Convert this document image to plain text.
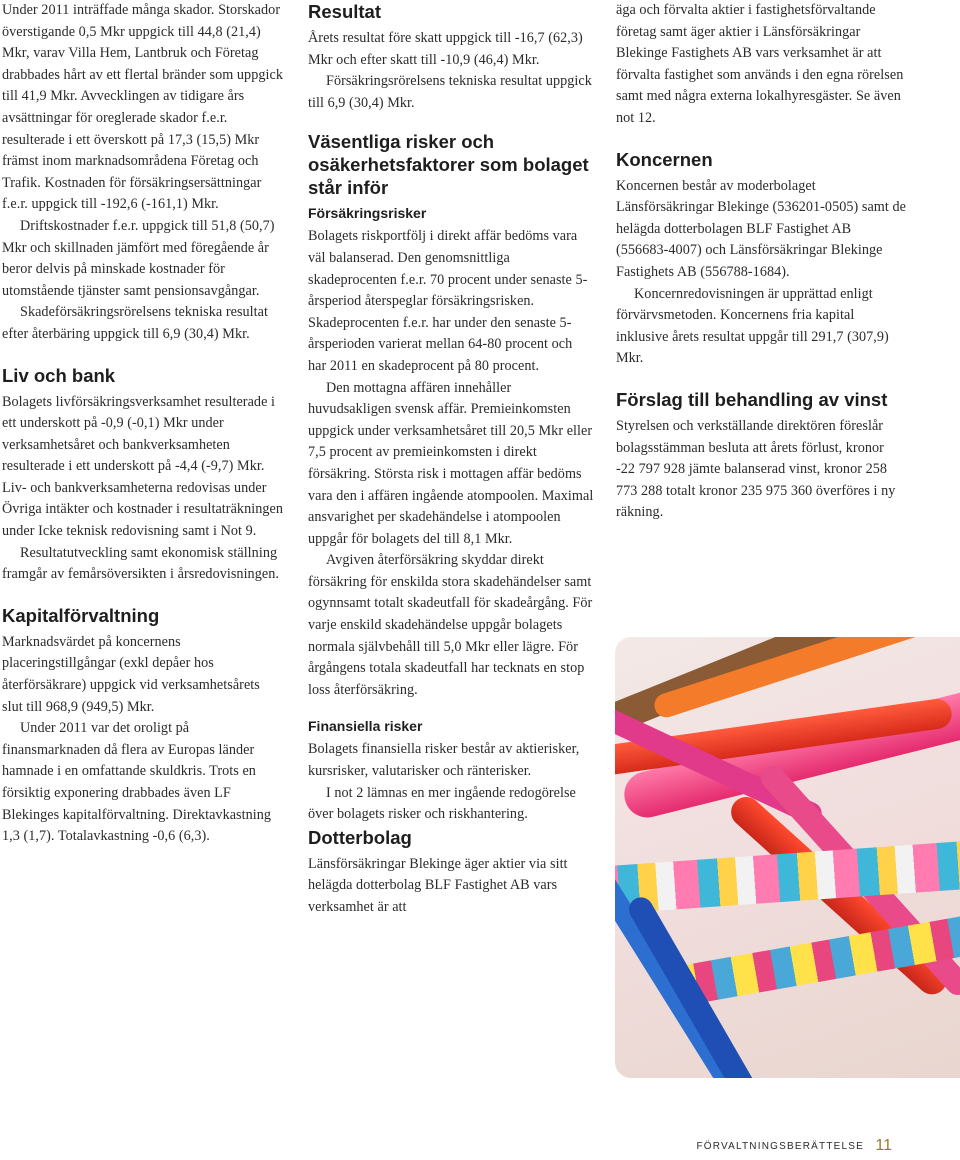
Under 2011 inträffade många skador. Storskador överstigande 0,5 Mkr uppgick till 44,8 (21,4) Mkr, varav Villa Hem, Lantbruk och Företag drabbades hårt av ett flertal bränder som uppgick till 41,9 Mkr. Avvecklingen av tidigare års avsättningar för oreglerade skador f.e.r. resulterade i ett överskott på 17,3 (15,5) Mkr främst inom marknadsområdena Företag och Trafik. Kostnaden för försäkringsersättningar f.e.r. uppgick till -192,6 (-161,1) Mkr.

Driftskostnader f.e.r. uppgick till 51,8 (50,7) Mkr och skillnaden jämfört med föregående år beror delvis på minskade kostnader för utomstående tjänster samt pensionsavgångar.

Skadeförsäkringsrörelsens tekniska resultat efter återbäring uppgick till 6,9 (30,4) Mkr.

Liv och bank

Bolagets livförsäkringsverksamhet resulterade i ett underskott på -0,9 (-0,1) Mkr under verksamhetsåret och bankverksamheten resulterade i ett underskott på -4,4 (-9,7) Mkr. Liv- och bankverksamheterna redovisas under Övriga intäkter och kostnader i resultaträkningen under Icke teknisk redovisning samt i Not 9.

Resultatutveckling samt ekonomisk ställning framgår av femårsöversikten i årsredovisningen.

Kapitalförvaltning

Marknadsvärdet på koncernens placeringstillgångar (exkl depåer hos återförsäkrare) uppgick vid verksamhetsårets slut till 968,9 (949,5) Mkr.

Under 2011 var det oroligt på finansmarknaden då flera av Europas länder hamnade i en omfattande skuldkris. Trots en försiktig exponering drabbades även LF Blekinges kapitalförvaltning. Direktavkastning 1,3 (1,7). Totalavkastning -0,6 (6,3).

Resultat

Årets resultat före skatt uppgick till -16,7 (62,3) Mkr och efter skatt till -10,9 (46,4) Mkr.

Försäkringsrörelsens tekniska resultat uppgick till 6,9 (30,4) Mkr.

Väsentliga risker och osäkerhetsfaktorer som bolaget står inför
Försäkringsrisker

Bolagets riskportfölj i direkt affär bedöms vara väl balanserad. Den genomsnittliga skadeprocenten f.e.r. 70 procent under senaste 5-årsperiod återspeglar försäkringsrisken. Skadeprocenten f.e.r. har under den senaste 5-årsperioden varierat mellan 64-80 procent och har 2011 en skadeprocent på 80 procent.

Den mottagna affären innehåller huvudsakligen svensk affär. Premieinkomsten uppgick under verksamhetsåret till 20,5 Mkr eller 7,5 procent av premieinkomsten i direkt försäkring. Största risk i mottagen affär bedöms vara den i affären ingående atompoolen. Maximal ansvarighet per skadehändelse i atompoolen uppgår för bolagets del till 8,1 Mkr.

Avgiven återförsäkring skyddar direkt försäkring för enskilda stora skadehändelser samt ogynnsamt totalt skadeutfall för skadeårgång. För varje enskild skadehändelse uppgår bolagets normala självbehåll till 5,0 Mkr eller lägre. För årgångens totala skadeutfall har tecknats en stop loss återförsäkring.

Finansiella risker

Bolagets finansiella risker består av aktierisker, kursrisker, valutarisker och ränterisker.

I not 2 lämnas en mer ingående redogörelse över bolagets risker och riskhantering.

Dotterbolag

Länsförsäkringar Blekinge äger aktier via sitt helägda dotterbolag BLF Fastighet AB vars verksamhet är att

äga och förvalta aktier i fastighetsförvaltande företag samt äger aktier i Länsförsäkringar Blekinge Fastighets AB vars verksamhet är att förvalta fastighet som används i den egna rörelsen samt med några externa lokalhyresgäster. Se även not 12.

Koncernen

Koncernen består av moderbolaget Länsförsäkringar Blekinge (536201-0505) samt de helägda dotterbolagen BLF Fastighet AB (556683-4007) och Länsförsäkringar Blekinge Fastighets AB (556788-1684).

Koncernredovisningen är upprättad enligt förvärvsmetoden. Koncernens fria kapital inklusive årets resultat uppgår till 291,7 (307,9) Mkr.

Förslag till behandling av vinst

Styrelsen och verkställande direktören föreslår bolagsstämman besluta att årets förlust, kronor -22 797 928 jämte balanserad vinst, kronor 258 773 288 totalt kronor 235 975 360 överföres i ny räkning.

FÖRVALTNINGSBERÄTTELSE 11
